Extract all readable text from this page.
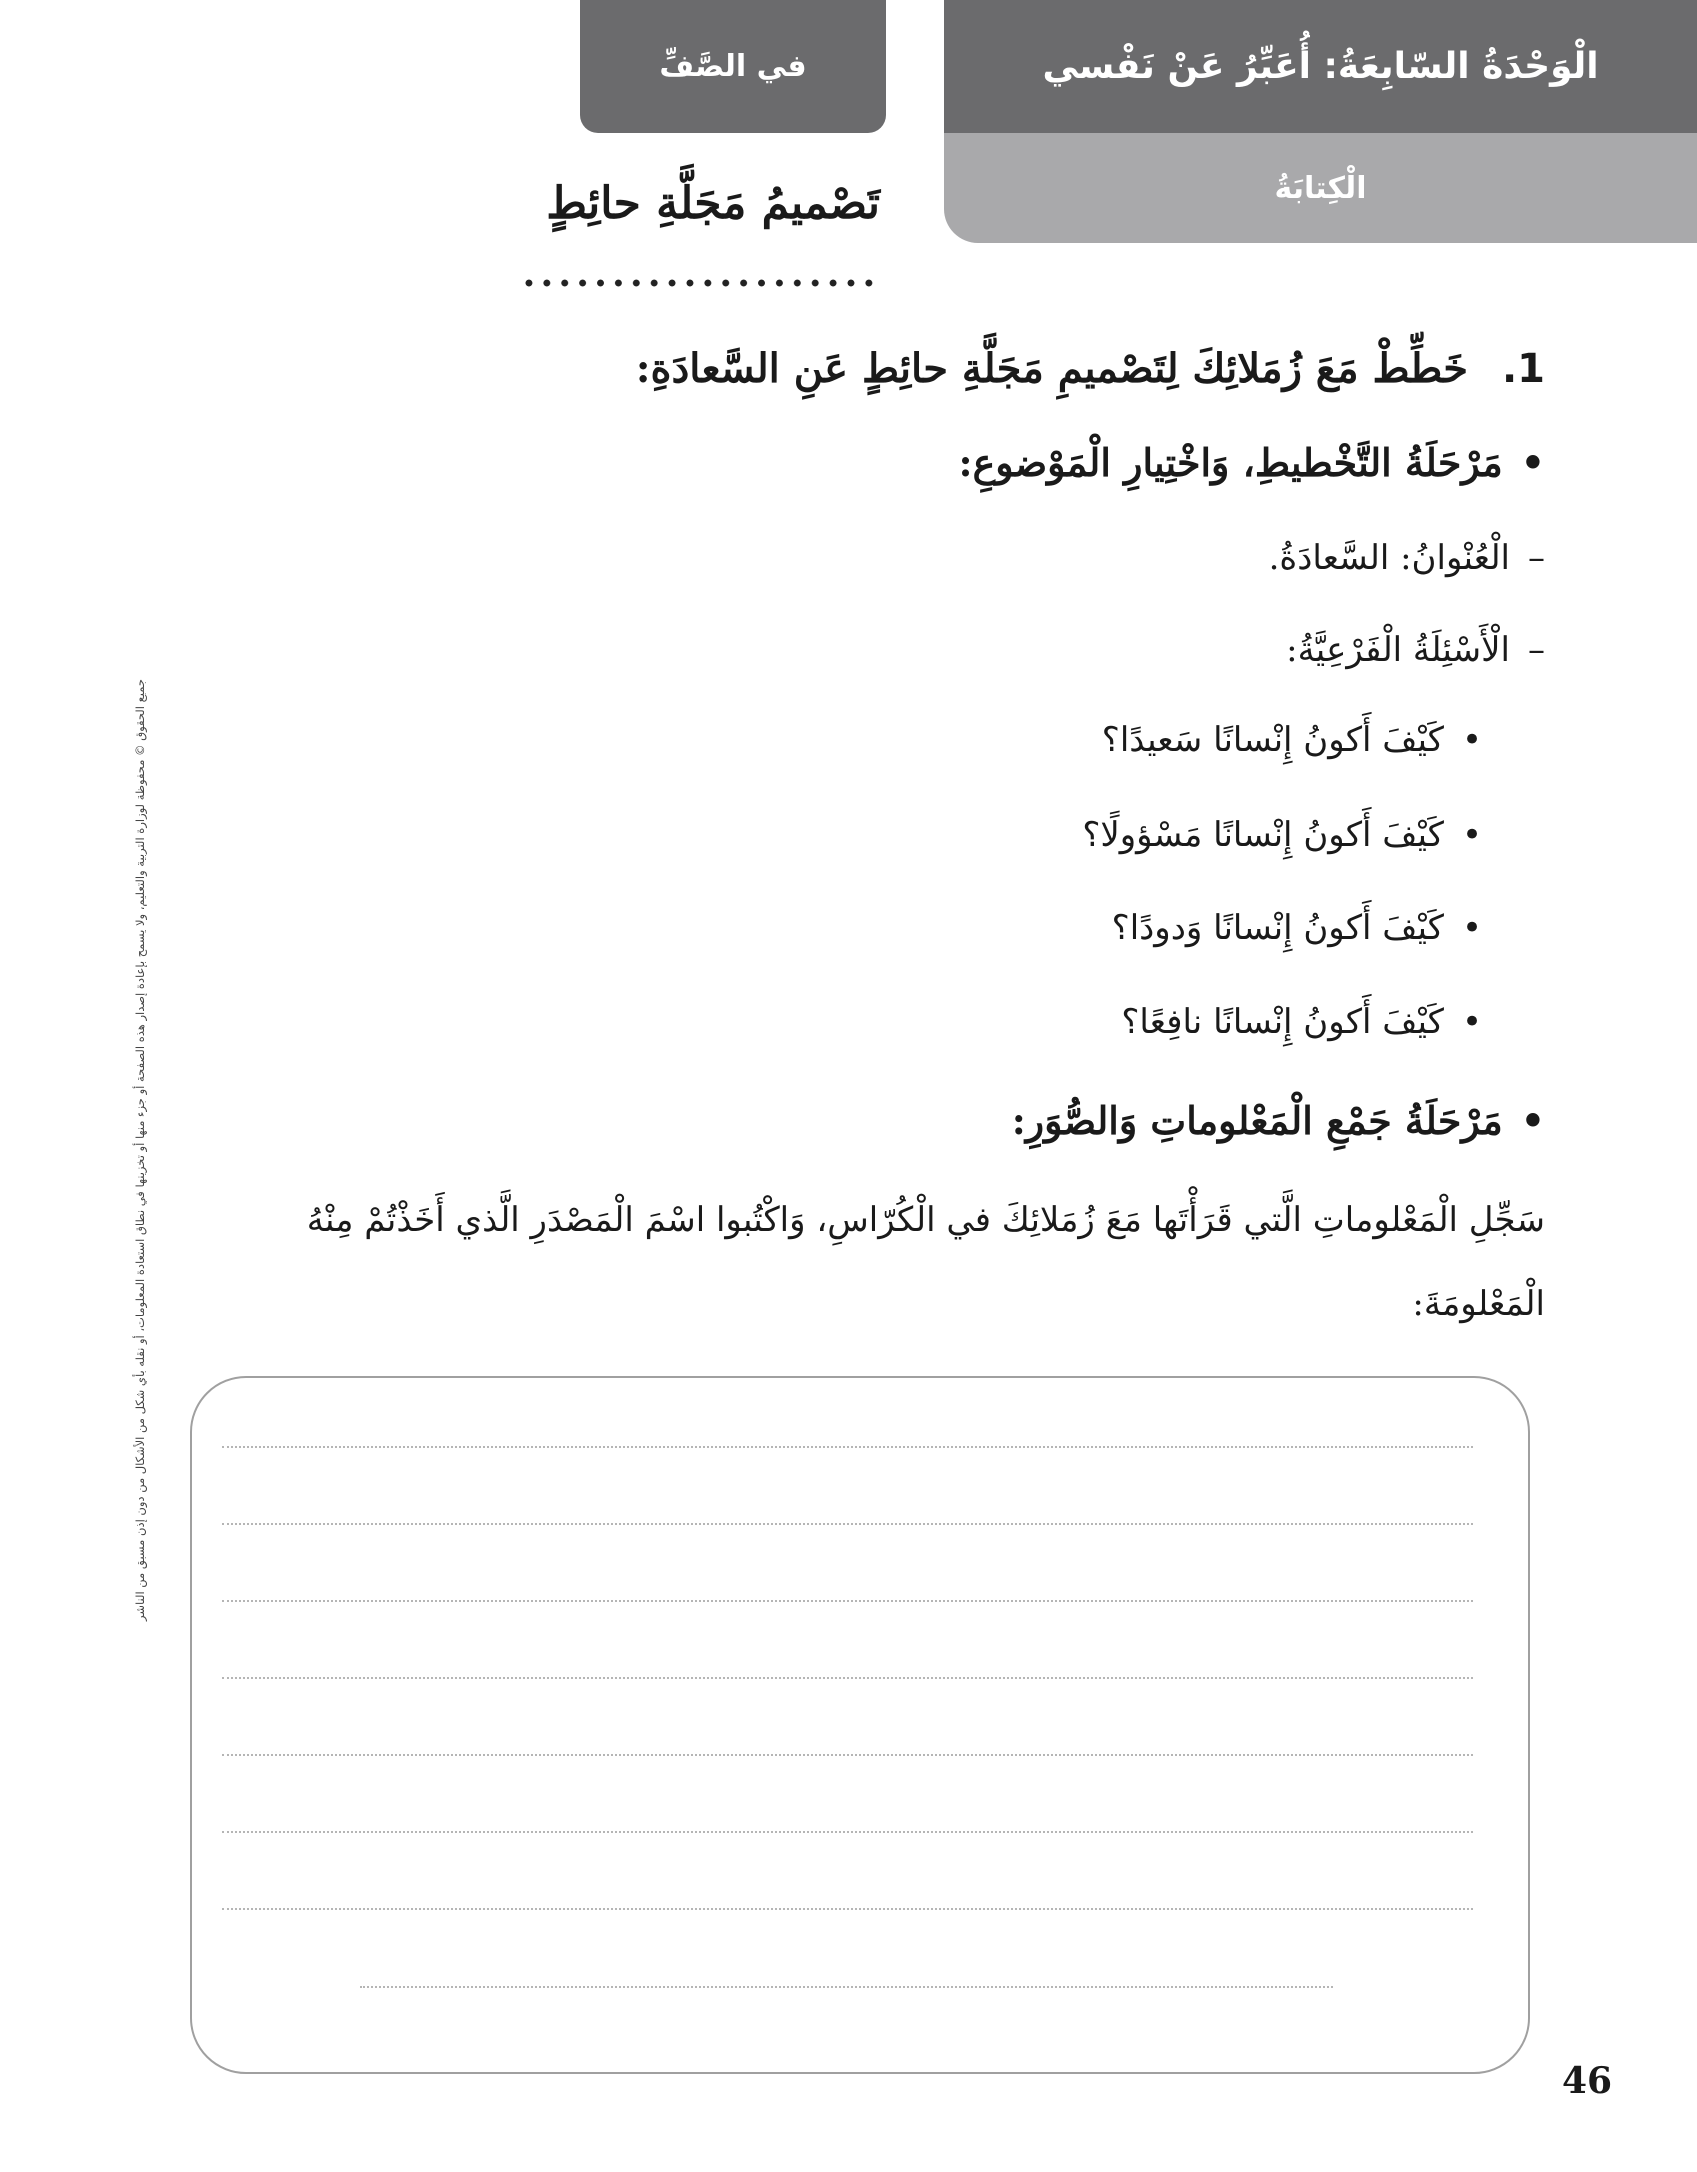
في الصَّفِّ	الْوَحْدَةُ السّابِعَةُ: أُعَبِّرُ عَنْ نَفْسي
الْكِتابَةُ
تَصْميمُ مَجَلَّةِ حائِطٍ
1.خَطِّطْ مَعَ زُمَلائِكَ لِتَصْميمِ مَجَلَّةِ حائِطٍ عَنِ السَّعادَةِ:
•مَرْحَلَةُ التَّخْطيطِ، وَاخْتِيارِ الْمَوْضوعِ:
–الْعُنْوانُ: السَّعادَةُ.
–الْأَسْئِلَةُ الْفَرْعِيَّةُ:
•كَيْفَ أَكونُ إِنْسانًا سَعيدًا؟
•كَيْفَ أَكونُ إِنْسانًا مَسْؤولًا؟
•كَيْفَ أَكونُ إِنْسانًا وَدودًا؟
•كَيْفَ أَكونُ إِنْسانًا نافِعًا؟
•مَرْحَلَةُ جَمْعِ الْمَعْلوماتِ وَالصُّوَرِ:
سَجِّلِ الْمَعْلوماتِ الَّتي قَرَأْتَها مَعَ زُمَلائِكَ في الْكُرّاسِ، وَاكْتُبوا اسْمَ الْمَصْدَرِ الَّذي أَخَذْتُمْ مِنْهُ الْمَعْلومَةَ:
جميع الحقوق © محفوظة لوزارة التربية والتعليم، ولا يسمح بإعادة إصدار هذه الصفحة أو جزء منها أو تخزينها في نطاق استعادة المعلومات، أو نقله بأي شكل من الأشكال من دون إذن مسبق من الناشر
46
